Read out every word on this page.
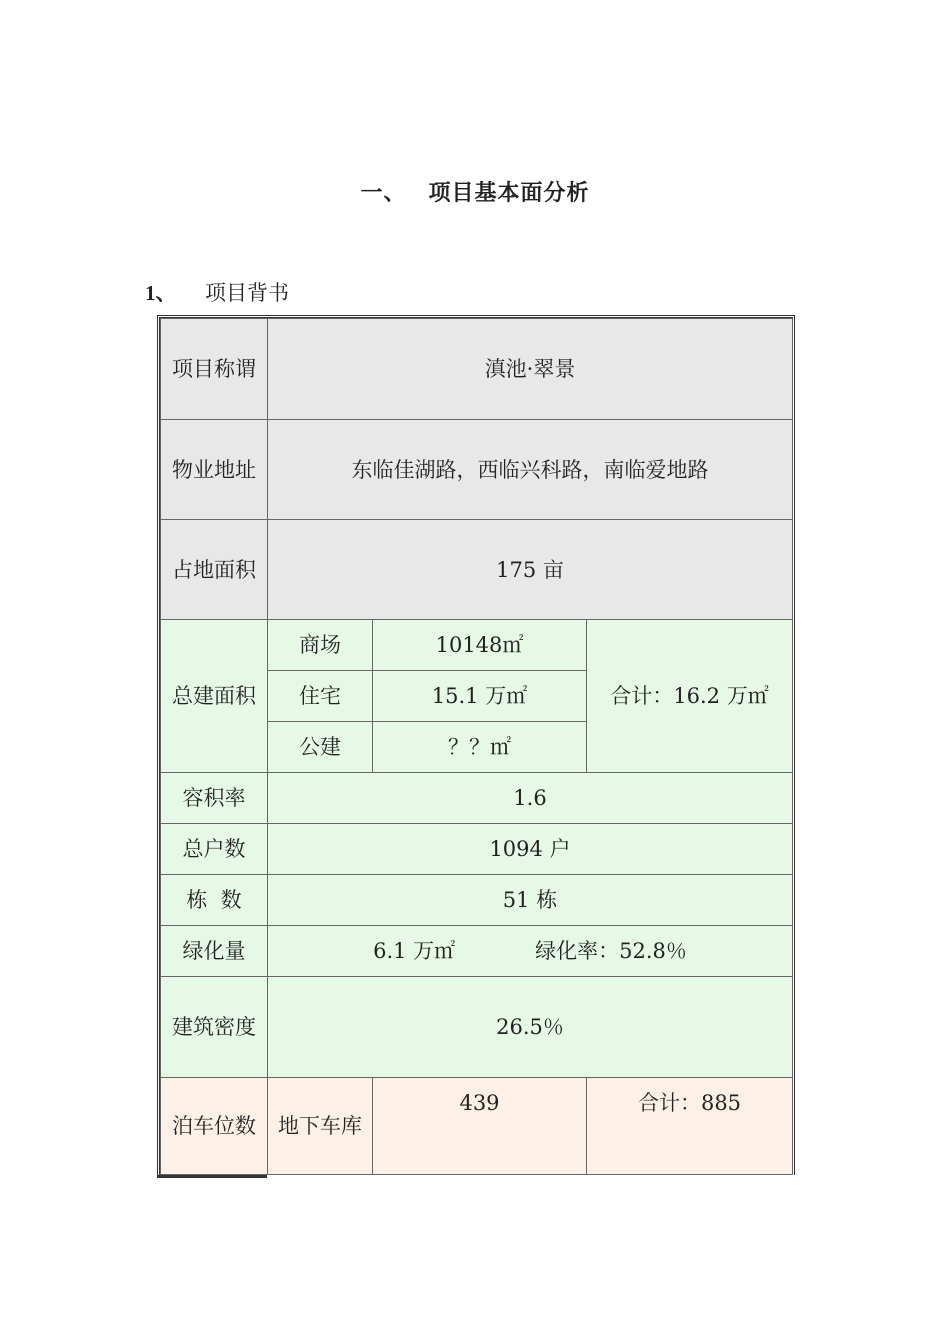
一、 项目基本面分析
1、 项目背书
项目称谓	滇池·翠景		
物业地址	东临佳湖路，西临兴科路，南临爱地路		
占地面积	175 亩		
总建面积	商场	10148㎡	合计：16.2 万㎡
	住宅	15.1 万㎡	
	公建	？？㎡	
容积率	1.6		
总户数	1094 户		
栋  数	51 栋		
绿化量	6.1 万㎡ 绿化率：52.8％		
建筑密度	26.5％		
泊车位数	地下车库	439	合计：885
